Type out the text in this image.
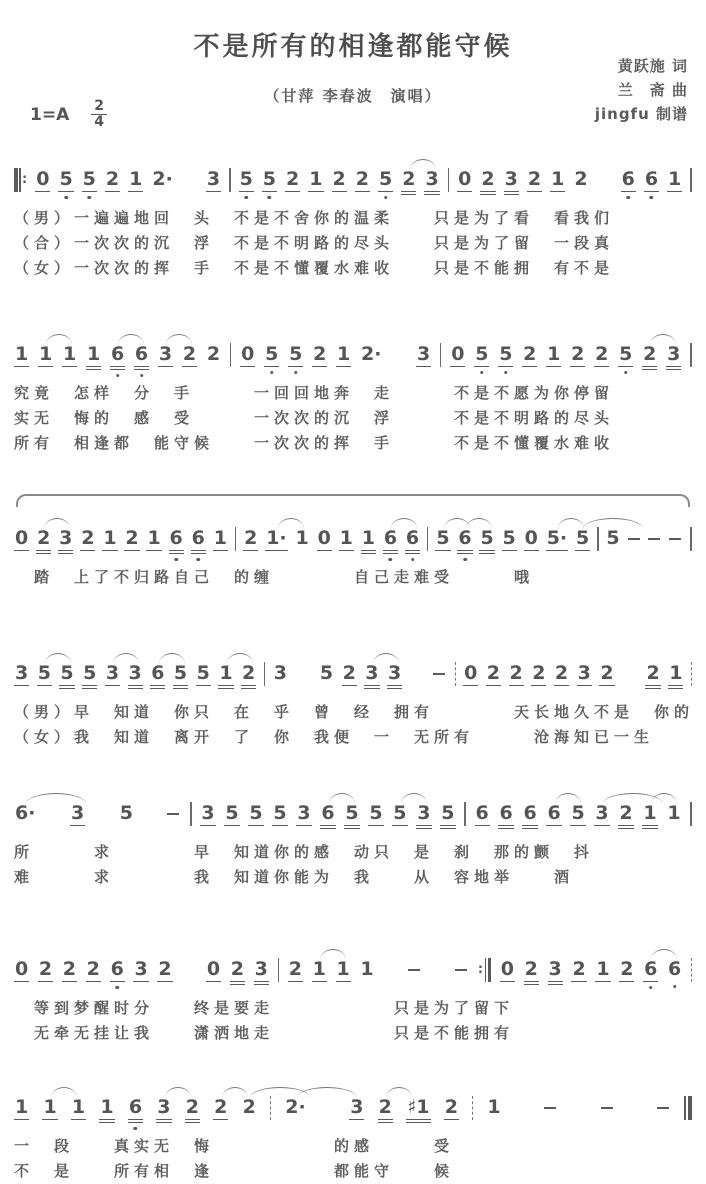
不是所有的相逢都能守候
（甘萍 李春波　演唱）
黄跃施 词
兰　斋 曲
jingfu 制谱
$1=A \frac{2}{4}$
: 0 5 5 2 1 2· 3 5 5 2 1 2 2 5 2 3 0 2 3 2 1 2 6 6 1
（男）一遍遍地回　头　不是不舍你的温柔　　只是为了看　看我们
（合）一次次的沉　浮　不是不明路的尽头　　只是为了留　一段真
（女）一次次的挥　手　不是不懂覆水难收　　只是不能拥　有不是
1 1 1 1 6 6 3 2 2 0 5 5 2 1 2· 3 0 5 5 2 1 2 2 5 2 3
究竟　怎样　分　手　　　一回回地奔　走　　　不是不愿为你停留
实无　悔的　感　受　　　一次次的沉　浮　　　不是不明路的尽头
所有　相逢都　能守候　　一次次的挥　手　　　不是不懂覆水难收
0 2 3 2 1 2 1 6 6 1 2 1· 1 0 1 1 6 6 5 6 5 5 0 5· 5 5
　踏　上了不归路自己　的缠　　　　自己走难受　　　哦
3 5 5 5 3 3 6 5 5 1 2 3 5 2 3 3	0 2 2 2 2 3 2 2 1
（男）早　知道　你只　在　乎　曾　经　拥有　　　　天长地久不是　你的
（女）我　知道　离开　了　你　我便　一　无所有　　　沧海知已一生
6· 3 5	3 5 5 5 3 6 5 5 5 3 5 6 6 6 6 5 3 2 1 1
所　　　求　　　　早　知道你的感　动只　是　刹　那的颤　抖
难　　　求　　　　我　知道你能为　我　　从　容地举　　酒
0 2 2 2 6 3 2 0 2 3 2 1 1 1	: 0 2 3 2 1 2 6 6
　等到梦醒时分　　终是要走　　　　　　只是为了留下
　无牵无挂让我　　潇洒地走　　　　　　只是不能拥有
1 1 1 1 6 3 2 2 2 2· 3 2 ♯1 2 1
一　段　　真实无　悔　　　　　　的感　　　受
不　是　　所有相　逢　　　　　　都能守　　候
